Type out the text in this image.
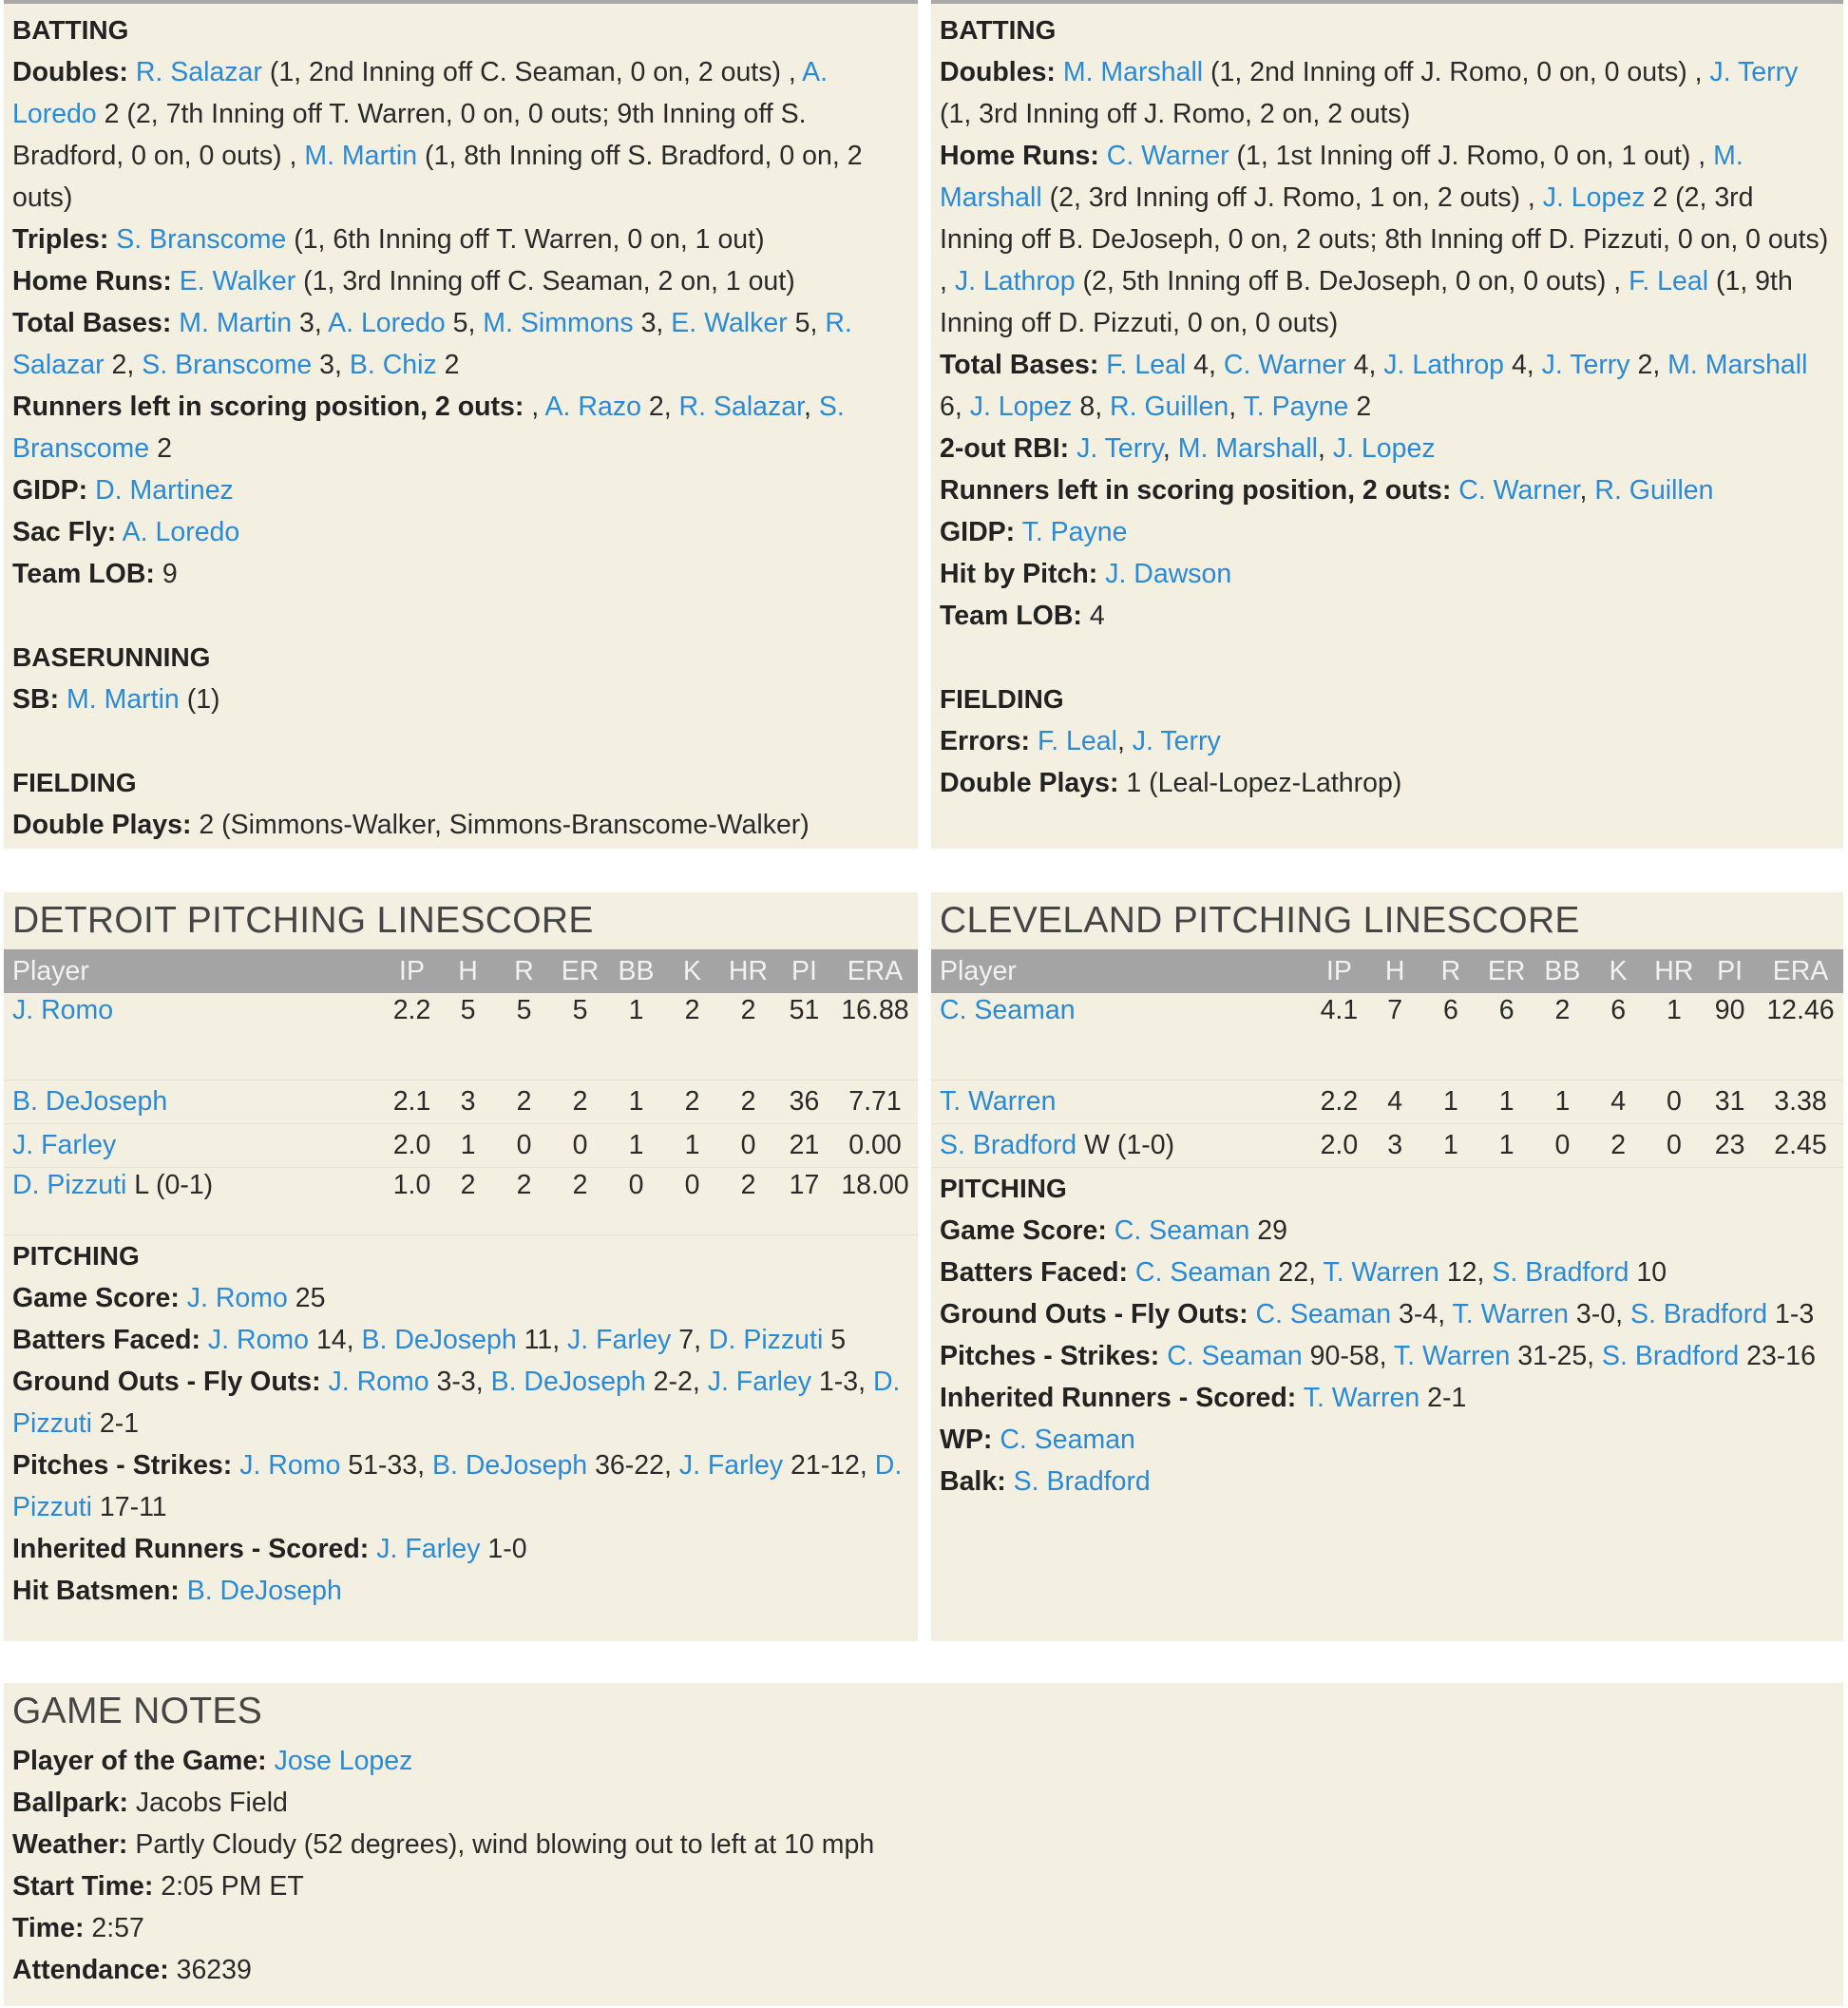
BATTING
Doubles: R. Salazar (1, 2nd Inning off C. Seaman, 0 on, 2 outs) , A. Loredo 2 (2, 7th Inning off T. Warren, 0 on, 0 outs; 9th Inning off S. Bradford, 0 on, 0 outs) , M. Martin (1, 8th Inning off S. Bradford, 0 on, 2 outs)
Triples: S. Branscome (1, 6th Inning off T. Warren, 0 on, 1 out)
Home Runs: E. Walker (1, 3rd Inning off C. Seaman, 2 on, 1 out)
Total Bases: M. Martin 3, A. Loredo 5, M. Simmons 3, E. Walker 5, R. Salazar 2, S. Branscome 3, B. Chiz 2
Runners left in scoring position, 2 outs: , A. Razo 2, R. Salazar, S. Branscome 2
GIDP: D. Martinez
Sac Fly: A. Loredo
Team LOB: 9
BASERUNNING
SB: M. Martin (1)
FIELDING
Double Plays: 2 (Simmons-Walker, Simmons-Branscome-Walker)
BATTING
Doubles: M. Marshall (1, 2nd Inning off J. Romo, 0 on, 0 outs) , J. Terry (1, 3rd Inning off J. Romo, 2 on, 2 outs)
Home Runs: C. Warner (1, 1st Inning off J. Romo, 0 on, 1 out) , M. Marshall (2, 3rd Inning off J. Romo, 1 on, 2 outs) , J. Lopez 2 (2, 3rd Inning off B. DeJoseph, 0 on, 2 outs; 8th Inning off D. Pizzuti, 0 on, 0 outs) , J. Lathrop (2, 5th Inning off B. DeJoseph, 0 on, 0 outs) , F. Leal (1, 9th Inning off D. Pizzuti, 0 on, 0 outs)
Total Bases: F. Leal 4, C. Warner 4, J. Lathrop 4, J. Terry 2, M. Marshall 6, J. Lopez 8, R. Guillen, T. Payne 2
2-out RBI: J. Terry, M. Marshall, J. Lopez
Runners left in scoring position, 2 outs: C. Warner, R. Guillen
GIDP: T. Payne
Hit by Pitch: J. Dawson
Team LOB: 4
FIELDING
Errors: F. Leal, J. Terry
Double Plays: 1 (Leal-Lopez-Lathrop)
DETROIT PITCHING LINESCORE
Player	IP	H	R	ER	BB	K	HR	PI	ERA
J. Romo	2.2	5	5	5	1	2	2	51	16.88
B. DeJoseph	2.1	3	2	2	1	2	2	36	7.71
J. Farley	2.0	1	0	0	1	1	0	21	0.00
D. Pizzuti L (0-1)	1.0	2	2	2	0	0	2	17	18.00
PITCHING
Game Score: J. Romo 25
Batters Faced: J. Romo 14, B. DeJoseph 11, J. Farley 7, D. Pizzuti 5
Ground Outs - Fly Outs: J. Romo 3-3, B. DeJoseph 2-2, J. Farley 1-3, D. Pizzuti 2-1
Pitches - Strikes: J. Romo 51-33, B. DeJoseph 36-22, J. Farley 21-12, D. Pizzuti 17-11
Inherited Runners - Scored: J. Farley 1-0
Hit Batsmen: B. DeJoseph
CLEVELAND PITCHING LINESCORE
Player	IP	H	R	ER	BB	K	HR	PI	ERA
C. Seaman	4.1	7	6	6	2	6	1	90	12.46
T. Warren	2.2	4	1	1	1	4	0	31	3.38
S. Bradford W (1-0)	2.0	3	1	1	0	2	0	23	2.45
PITCHING
Game Score: C. Seaman 29
Batters Faced: C. Seaman 22, T. Warren 12, S. Bradford 10
Ground Outs - Fly Outs: C. Seaman 3-4, T. Warren 3-0, S. Bradford 1-3
Pitches - Strikes: C. Seaman 90-58, T. Warren 31-25, S. Bradford 23-16
Inherited Runners - Scored: T. Warren 2-1
WP: C. Seaman
Balk: S. Bradford
GAME NOTES
Player of the Game: Jose Lopez
Ballpark: Jacobs Field
Weather: Partly Cloudy (52 degrees), wind blowing out to left at 10 mph
Start Time: 2:05 PM ET
Time: 2:57
Attendance: 36239
